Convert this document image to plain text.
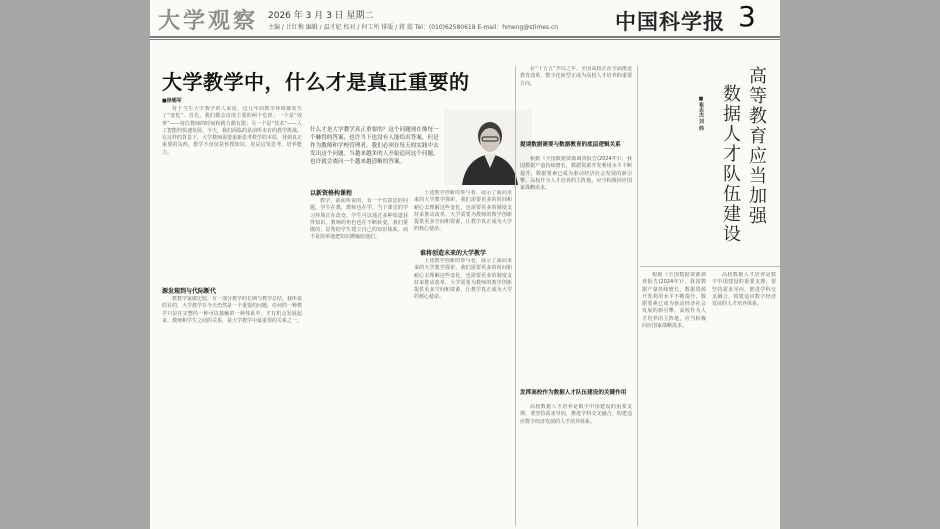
大学观察 2026 年 3 月 3 日 星期二
主编 / 计红梅 编辑 / 温才妃 校对 / 何工所 排版 / 蒋 霞 Tel：(010)62580618 E-mail：hmeng@stimes.cn	中国科学报 3
大学教学中，什么才是真正重要的
■徐锡军

对于当生大学教学的人来说，这几年的教学环境都发生了“变化”。首先，我们都会出现主要的两个危机：一个是“效率”——每位教师的时间和精力都有限；另一个是“技术”——人工智能的快速发展。今天，我们面临的是前所未有的教学挑战。在这样的背景下，大学教师需要重新思考教学的本质，找到真正重要的东西。教学不仅仅是传授知识，更是启发思考、培养能力。

源发现到与代际断代

教教学家做比较，有一部分教学的长期与教学总结。我所说的目的，大学教学在今天仍然是一个重要的问题。任何的一种教学只是在完整的一种可以接触的一种体系中，才有机会发展起来。教师和学生之间的关系，是大学教学中最重要的关系之一。

什么才是大学教学真正重要的？这个问题现在像每一个棘得的答案，也许当下也没有人能给出答案，但是作为教师和学校管理者，我们必须在每天的实践中去发出这个问题。当越来越多的人开始追问这个问题，也许就会离问一个越来越清晰的答案。
以新资格构课程

教学，前面所说的，有一个有意思的问题。学生在教，教师也在学。当下课堂的学习环境正在改变，学生可以通过多种渠道获得知识，教师的角色也在不断转变。我们要做的，是帮助学生建立自己的知识体系，而不是简单地把知识灌输给他们。

上述教学创新的参与者，展示了面向未来的大学教学探索，我们需要更多的时间和耐心去理解这些变化，也需要更多的制度支持来推动改革。大学需要为教师的教学创新提供更多空间和资源，让教学真正成为大学的核心使命。

谁将创造未来的大学教学

上述教学创新的参与者，展示了面向未来的大学教学探索，我们需要更多的时间和耐心去理解这些变化，也需要更多的制度支持来推动改革。大学需要为教师的教学创新提供更多空间和资源，让教学真正成为大学的核心使命。

在“十五五”开局之年，全国高校正在全面推进教育改革，数字化转型正成为高校人才培养的重要方向。

提请数据需要与数据教育的底层逻辑关系

根据《全国数据资源调查报告(2024年)》，我国数据产量持续增长，数据资源开发利用水平不断提升，数据要素已成为驱动经济社会发展的新引擎。高校作为人才培养的主阵地，应当积极回应国家战略需求。

发挥高校作为数据人才队伍建设的关键作用

高校数据人才培养是数字中国建设的重要支撑，要坚持需求导向，推进学科交叉融合，构建适应数字经济发展的人才培养体系。

高等教育应当加强
数据人才队伍建设
■崔志杰 刘 炜

根据《全国数据资源调查报告(2024年)》，我国数据产量持续增长，数据资源开发利用水平不断提升，数据要素已成为驱动经济社会发展的新引擎。高校作为人才培养的主阵地，应当积极回应国家战略需求。

高校数据人才培养是数字中国建设的重要支撑，要坚持需求导向，推进学科交叉融合，构建适应数字经济发展的人才培养体系。
